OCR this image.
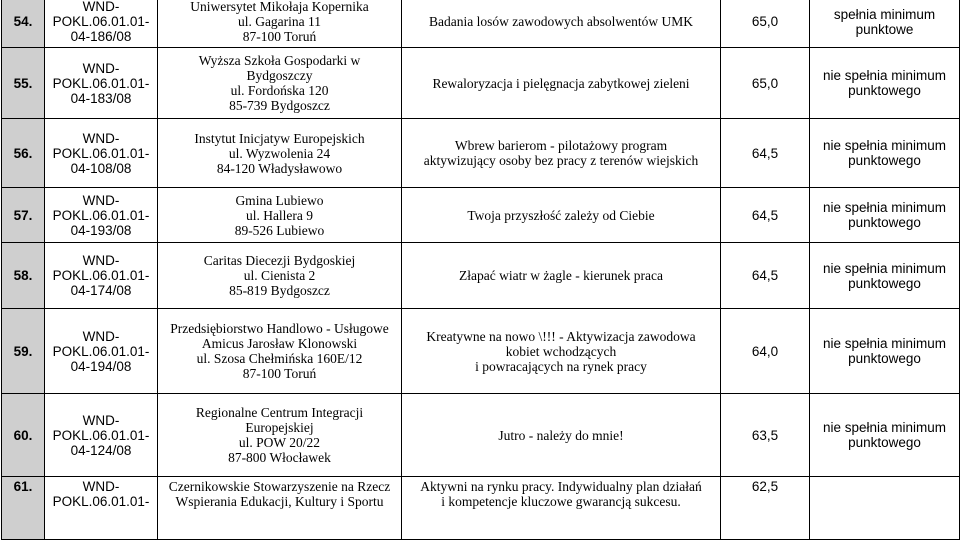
54.	WND-
POKL.06.01.01-
04-186/08	Uniwersytet Mikołaja Kopernika
ul. Gagarina 11
87-100 Toruń	Badania losów zawodowych absolwentów UMK	65,0	spełnia minimum
punktowe

55.	WND-
POKL.06.01.01-
04-183/08	Wyższa Szkoła Gospodarki w
Bydgoszczy
ul. Fordońska 120
85-739 Bydgoszcz	Rewaloryzacja i pielęgnacja zabytkowej zieleni	65,0	nie spełnia minimum
punktowego

56.	WND-
POKL.06.01.01-
04-108/08	Instytut Inicjatyw Europejskich
ul. Wyzwolenia 24
84-120 Władysławowo	Wbrew barierom - pilotażowy program
aktywizujący osoby bez pracy z terenów wiejskich	64,5	nie spełnia minimum
punktowego

57.	WND-
POKL.06.01.01-
04-193/08	Gmina Lubiewo
ul. Hallera 9
89-526 Lubiewo	Twoja przyszłość zależy od Ciebie	64,5	nie spełnia minimum
punktowego

58.	WND-
POKL.06.01.01-
04-174/08	Caritas Diecezji Bydgoskiej
ul. Cienista 2
85-819 Bydgoszcz	Złapać wiatr w żagle - kierunek praca	64,5	nie spełnia minimum
punktowego

59.	WND-
POKL.06.01.01-
04-194/08	Przedsiębiorstwo Handlowo - Usługowe
Amicus Jarosław Klonowski
ul. Szosa Chełmińska 160E/12
87-100 Toruń	Kreatywne na nowo \!!! - Aktywizacja zawodowa
kobiet wchodzących
i powracających na rynek pracy	64,0	nie spełnia minimum
punktowego

60.	WND-
POKL.06.01.01-
04-124/08	Regionalne Centrum Integracji
Europejskiej
ul. POW 20/22
87-800 Włocławek	Jutro - należy do mnie!	63,5	nie spełnia minimum
punktowego

61.	WND-
POKL.06.01.01-	Czernikowskie Stowarzyszenie na Rzecz
Wspierania Edukacji, Kultury i Sportu	Aktywni na rynku pracy. Indywidualny plan działań
i kompetencje kluczowe gwarancją sukcesu.	62,5	
